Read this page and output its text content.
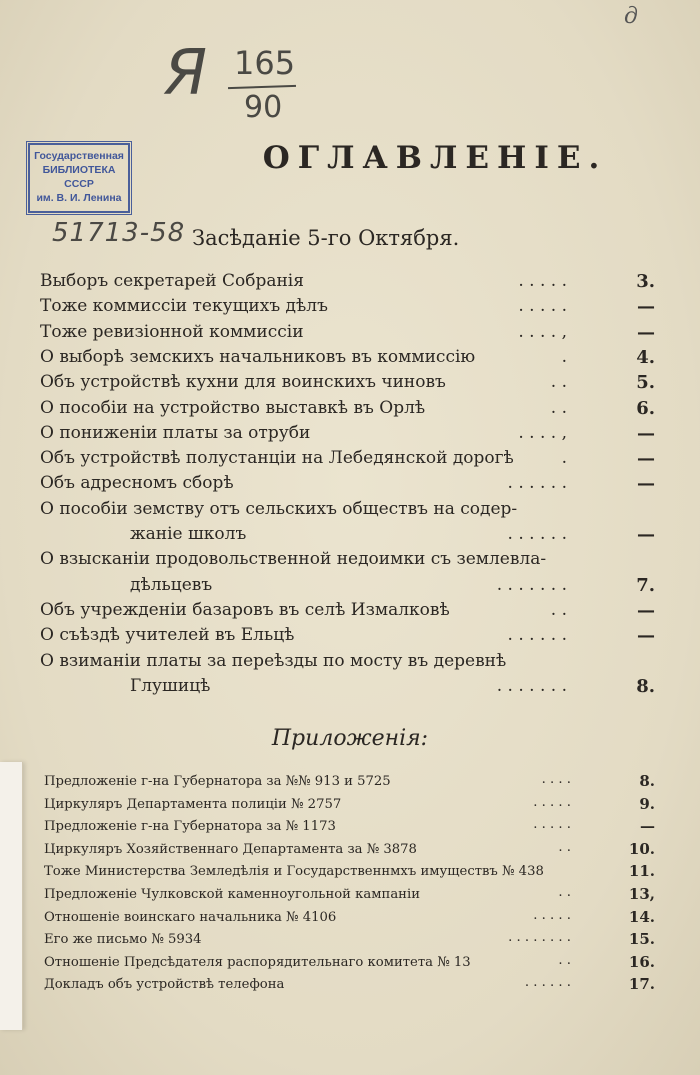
Я 165
90
д
Государственная
БИБЛИОТЕКА
СССР
им. В. И. Ленина
51713-58
ОГЛАВЛЕНІЕ.
Засѣданіе 5-го Октября.
Выборъ секретарей Собранія	. . . . .	3.
Тоже коммиссіи текущихъ дѣлъ	. . . . .	—
Тоже ревизіонной коммиссіи	. . . . ,	—
О выборѣ земскихъ начальниковъ въ коммиссію	.	4.
Объ устройствѣ кухни для воинскихъ чиновъ	. .	5.
О пособіи на устройство выставкѣ въ Орлѣ	. .	6.
О пониженіи платы за отруби	. . . . ,	—
Объ устройствѣ полустанціи на Лебедянской дорогѣ	.	—
Объ адресномъ сборѣ	. . . . . .	—
О пособіи земству отъ сельскихъ обществъ на содер-
жаніе школъ	. . . . . .	—
О взысканіи продовольственной недоимки съ землевла-
дѣльцевъ	. . . . . . .	7.
Объ учрежденіи базаровъ въ селѣ Измалковѣ	. .	—
О съѣздѣ учителей въ Ельцѣ	. . . . . .	—
О взиманіи платы за переѣзды по мосту въ деревнѣ
Глушицѣ	. . . . . . .	8.
Приложенія:
Предложеніе г-на Губернатора за №№ 913 и 5725	. . . .	8.
Циркуляръ Департамента полиціи № 2757	. . . . .	9.
Предложеніе г-на Губернатора за № 1173	. . . . .	—
Циркуляръ Хозяйственнаго Департамента за № 3878	. .	10.
Тоже Министерства Земледѣлія и Государственнмхъ имуществъ № 438	11.
Предложеніе Чулковской каменноугольной кампаніи	. .	13,
Отношеніе воинскаго начальника № 4106	. . . . .	14.
Его же письмо № 5934	. . . . . . . .	15.
Отношеніе Предсѣдателя распорядительнаго комитета № 13	. .	16.
Докладъ объ устройствѣ телефона	. . . . . .	17.
